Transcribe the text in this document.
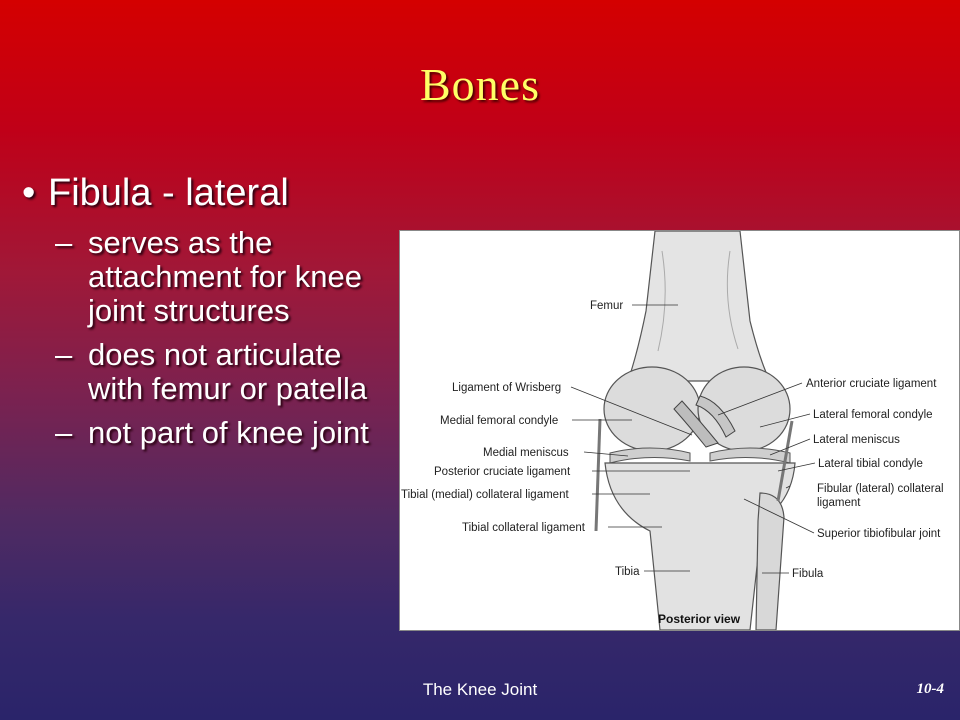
Bones
• Fibula - lateral
– serves as the attachment for knee joint structures
– does not articulate with femur or patella
– not part of knee joint
Femur
Ligament of Wrisberg
Medial femoral condyle
Medial meniscus
Posterior cruciate ligament
Tibial (medial) collateral ligament
Tibial collateral ligament
Tibia
Anterior cruciate ligament
Lateral femoral condyle
Lateral meniscus
Lateral tibial condyle
Fibular (lateral) collateral
ligament
Superior tibiofibular joint
Fibula
Posterior view
The Knee Joint	10-4
